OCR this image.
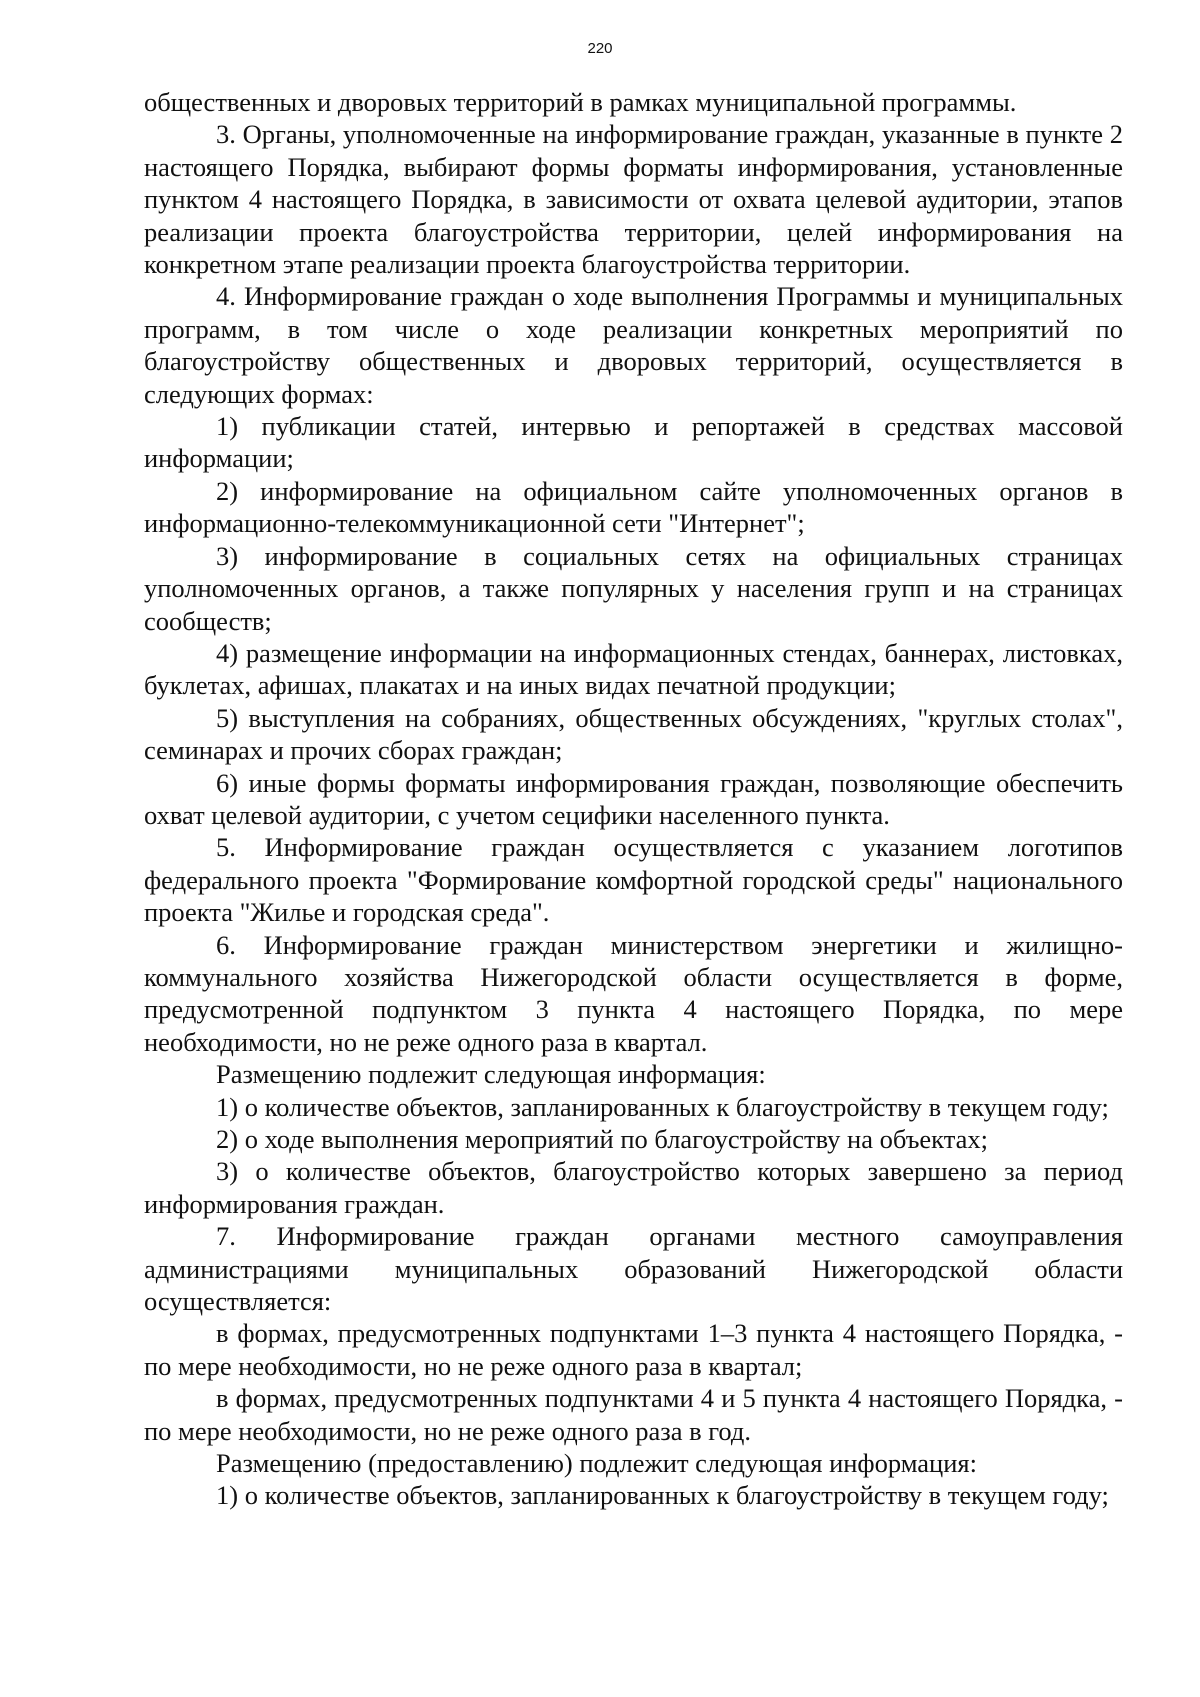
220

общественных и дворовых территорий в рамках муниципальной программы.

3. Органы, уполномоченные на информирование граждан, указанные в пункте 2 настоящего Порядка, выбирают формы форматы информирования, установленные пунктом 4 настоящего Порядка, в зависимости от охвата целевой аудитории, этапов реализации проекта благоустройства территории, целей информирования на конкретном этапе реализации проекта благоустройства территории.

4. Информирование граждан о ходе выполнения Программы и муниципальных программ, в том числе о ходе реализации конкретных мероприятий по благоустройству общественных и дворовых территорий, осуществляется в следующих формах:

1) публикации статей, интервью и репортажей в средствах массовой информации;

2) информирование на официальном сайте уполномоченных органов в информационно-телекоммуникационной сети "Интернет";

3) информирование в социальных сетях на официальных страницах уполномоченных органов, а также популярных у населения групп и на страницах сообществ;

4) размещение информации на информационных стендах, баннерах, листовках, буклетах, афишах, плакатах и на иных видах печатной продукции;

5) выступления на собраниях, общественных обсуждениях, "круглых столах", семинарах и прочих сборах граждан;

6) иные формы форматы информирования граждан, позволяющие обеспечить охват целевой аудитории, с учетом сецифики населенного пункта.

5. Информирование граждан осуществляется с указанием логотипов федерального проекта "Формирование комфортной городской среды" национального проекта "Жилье и городская среда".

6. Информирование граждан министерством энергетики и жилищно-коммунального хозяйства Нижегородской области осуществляется в форме, предусмотренной подпунктом 3 пункта 4 настоящего Порядка, по мере необходимости, но не реже одного раза в квартал.

Размещению подлежит следующая информация:

1) о количестве объектов, запланированных к благоустройству в текущем году;

2) о ходе выполнения мероприятий по благоустройству на объектах;

3) о количестве объектов, благоустройство которых завершено за период информирования граждан.

7. Информирование граждан органами местного самоуправления администрациями муниципальных образований Нижегородской области осуществляется:

в формах, предусмотренных подпунктами 1–3 пункта 4 настоящего Порядка, - по мере необходимости, но не реже одного раза в квартал;

в формах, предусмотренных подпунктами 4 и 5 пункта 4 настоящего Порядка, - по мере необходимости, но не реже одного раза в год.

Размещению (предоставлению) подлежит следующая информация:

1) о количестве объектов, запланированных к благоустройству в текущем году;
